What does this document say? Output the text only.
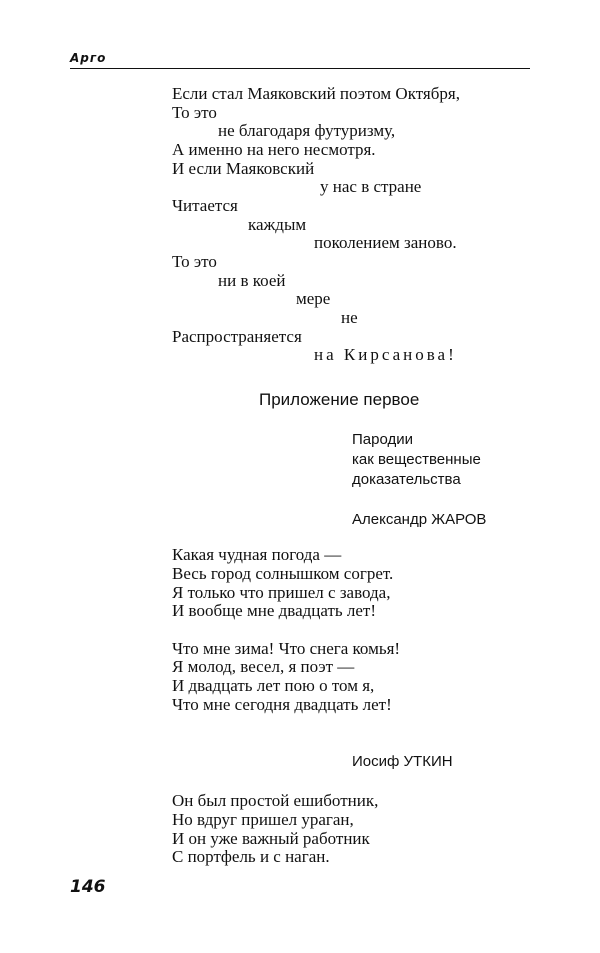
Арго
Если стал Маяковский поэтом Октября,
То это
не благодаря футуризму,
А именно на него несмотря.
И если Маяковский
у нас в стране
Читается
каждым
поколением заново.
То это
ни в коей
мере
не
Распространяется
на Кирсанова!
Приложение первое
Пародии
как вещественные
доказательства
Александр ЖАРОВ
Какая чудная погода —
Весь город солнышком согрет.
Я только что пришел с завода,
И вообще мне двадцать лет!
Что мне зима! Что снега комья!
Я молод, весел, я поэт —
И двадцать лет пою о том я,
Что мне сегодня двадцать лет!
Иосиф УТКИН
Он был простой ешиботник,
Но вдруг пришел ураган,
И он уже важный работник
С портфель и с наган.
146
